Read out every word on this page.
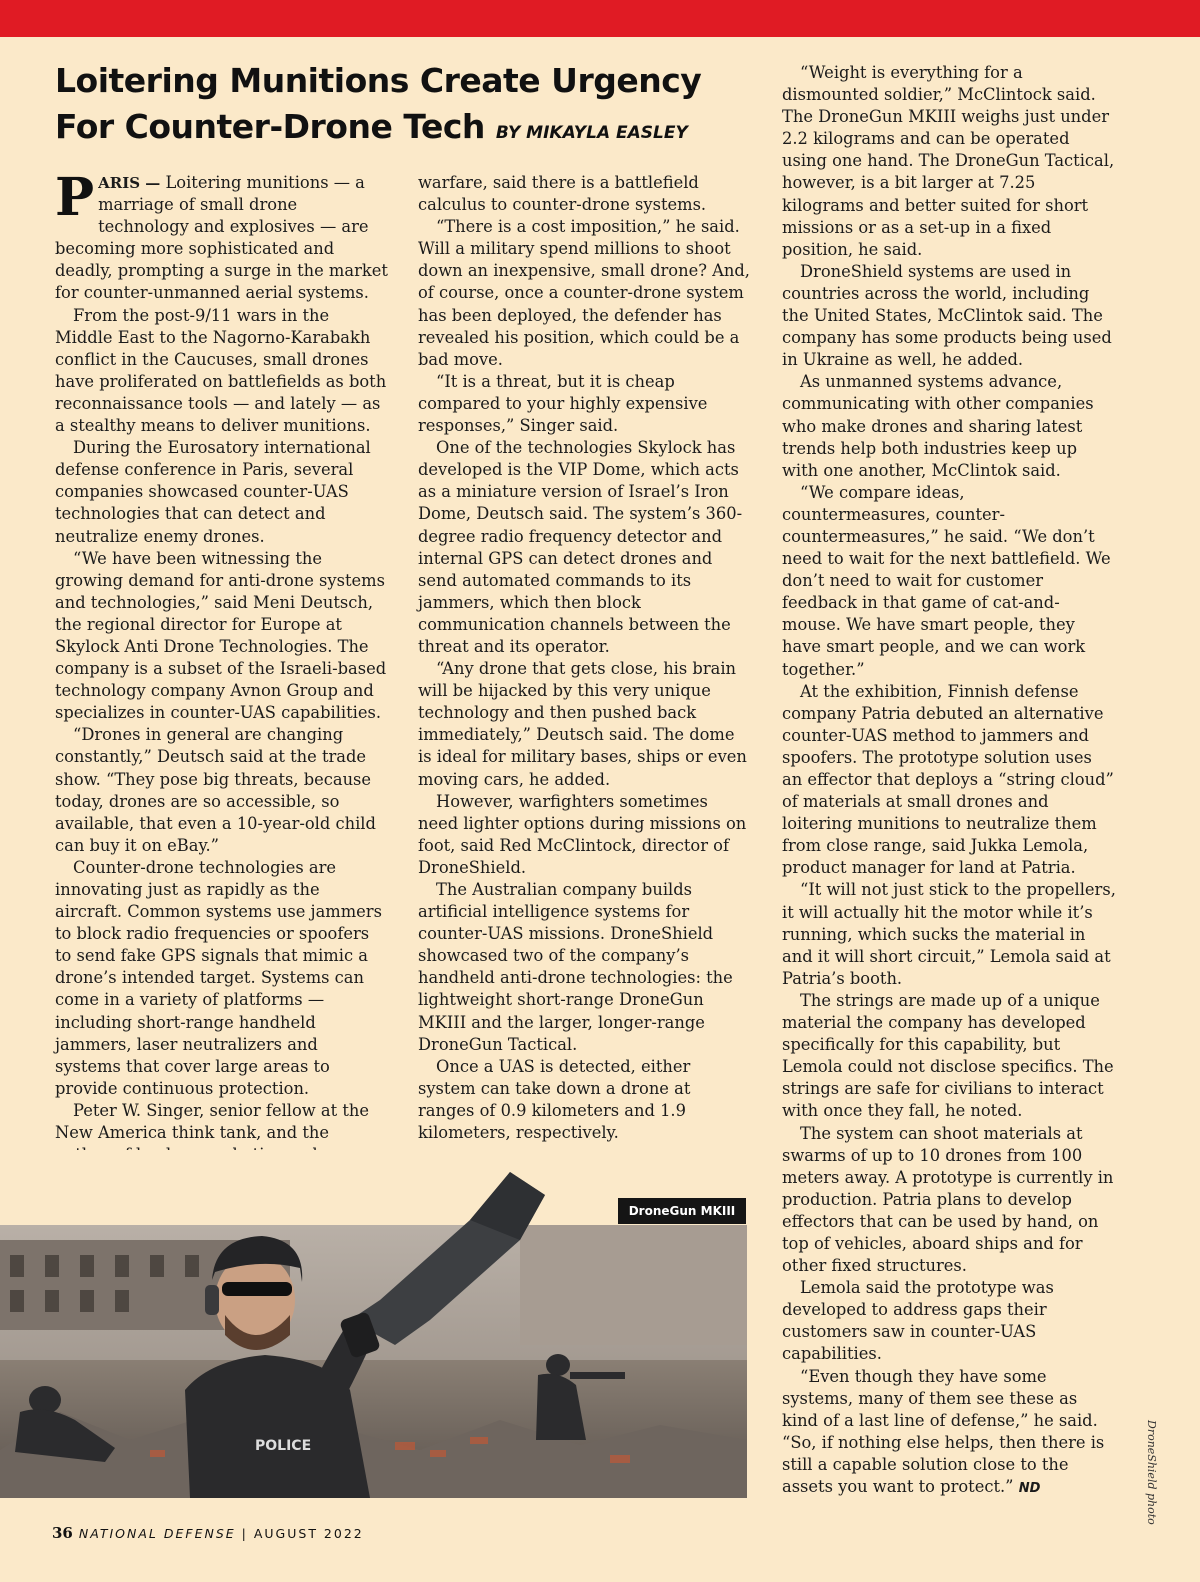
Loitering Munitions Create Urgency For Counter-Drone Tech BY MIKAYLA EASLEY

PARIS — Loitering munitions — a marriage of small drone technology and explosives — are becoming more sophisticated and deadly, prompting a surge in the market for counter-unmanned aerial systems.

From the post-9/11 wars in the Middle East to the Nagorno-Karabakh conflict in the Caucuses, small drones have proliferated on battlefields as both reconnaissance tools — and lately — as a stealthy means to deliver munitions.

During the Eurosatory international defense conference in Paris, several companies showcased counter-UAS technologies that can detect and neutralize enemy drones.

“We have been witnessing the growing demand for anti-drone systems and technologies,” said Meni Deutsch, the regional director for Europe at Skylock Anti Drone Technologies. The company is a subset of the Israeli-based technology company Avnon Group and specializes in counter-UAS capabilities.

“Drones in general are changing constantly,” Deutsch said at the trade show. “They pose big threats, because today, drones are so accessible, so available, that even a 10-year-old child can buy it on eBay.”

Counter-drone technologies are innovating just as rapidly as the aircraft. Common systems use jammers to block radio frequencies or spoofers to send fake GPS signals that mimic a drone’s intended target. Systems can come in a variety of platforms — including short-range handheld jammers, laser neutralizers and systems that cover large areas to provide continuous protection.

Peter W. Singer, senior fellow at the New America think tank, and the

warfare, said there is a battlefield calculus to counter-drone systems.

“There is a cost imposition,” he said. Will a military spend millions to shoot down an inexpensive, small drone? And, of course, once a counter-drone system has been deployed, the defender has revealed his position, which could be a bad move.

“It is a threat, but it is cheap compared to your highly expensive responses,” Singer said.

One of the technologies Skylock has developed is the VIP Dome, which acts as a miniature version of Israel’s Iron Dome, Deutsch said. The system’s 360-degree radio frequency detector and internal GPS can detect drones and send automated commands to its jammers, which then block communication channels between the threat and its operator.

“Any drone that gets close, his brain will be hijacked by this very unique technology and then pushed back immediately,” Deutsch said. The dome is ideal for military bases, ships or even moving cars, he added.

However, warfighters sometimes need lighter options during missions on foot, said Red McClintock, director of DroneShield.

The Australian company builds artificial intelligence systems for counter-UAS missions. DroneShield showcased two of the company’s handheld anti-drone technologies: the lightweight short-range DroneGun MKIII and the larger, longer-range DroneGun Tactical.

Once a UAS is detected, either system can take down a drone at ranges of 0.9 kilometers and 1.9 kilometers, respectively.

“Weight is everything for a dismounted soldier,” McClintock said. The DroneGun MKIII weighs just under 2.2 kilograms and can be operated using one hand. The DroneGun Tactical, however, is a bit larger at 7.25 kilograms and better suited for short missions or as a set-up in a fixed position, he said.

DroneShield systems are used in countries across the world, including the United States, McClintok said. The company has some products being used in Ukraine as well, he added.

As unmanned systems advance, communicating with other companies who make drones and sharing latest trends help both industries keep up with one another, McClintok said.

“We compare ideas, countermeasures, counter-countermeasures,” he said. “We don’t need to wait for the next battlefield. We don’t need to wait for customer feedback in that game of cat-and-mouse. We have smart people, they have smart people, and we can work together.”

At the exhibition, Finnish defense company Patria debuted an alternative counter-UAS method to jammers and spoofers. The prototype solution uses an effector that deploys a “string cloud” of materials at small drones and loitering munitions to neutralize them from close range, said Jukka Lemola, product manager for land at Patria.

“It will not just stick to the propellers, it will actually hit the motor while it’s running, which sucks the material in and it will short circuit,” Lemola said at Patria’s booth.

The strings are made up of a unique material the company has developed specifically for this capability, but Lemola could not disclose specifics. The strings are safe for civilians to interact with once they fall, he noted.

The system can shoot materials at swarms of up to 10 drones from 100 meters away. A prototype is currently in production. Patria plans to develop effectors that can be used by hand, on top of vehicles, aboard ships and for other fixed structures.

Lemola said the prototype was developed to address gaps their customers saw in counter-UAS capabilities.

“Even though they have some systems, many of them see these as kind of a last line of defense,” he said. “So, if nothing else helps, then there is still a capable solution close to the assets you want to protect.” ND

POLICE
DroneGun MKIII
DroneShield photo
36 NATIONAL DEFENSE | AUGUST 2022
